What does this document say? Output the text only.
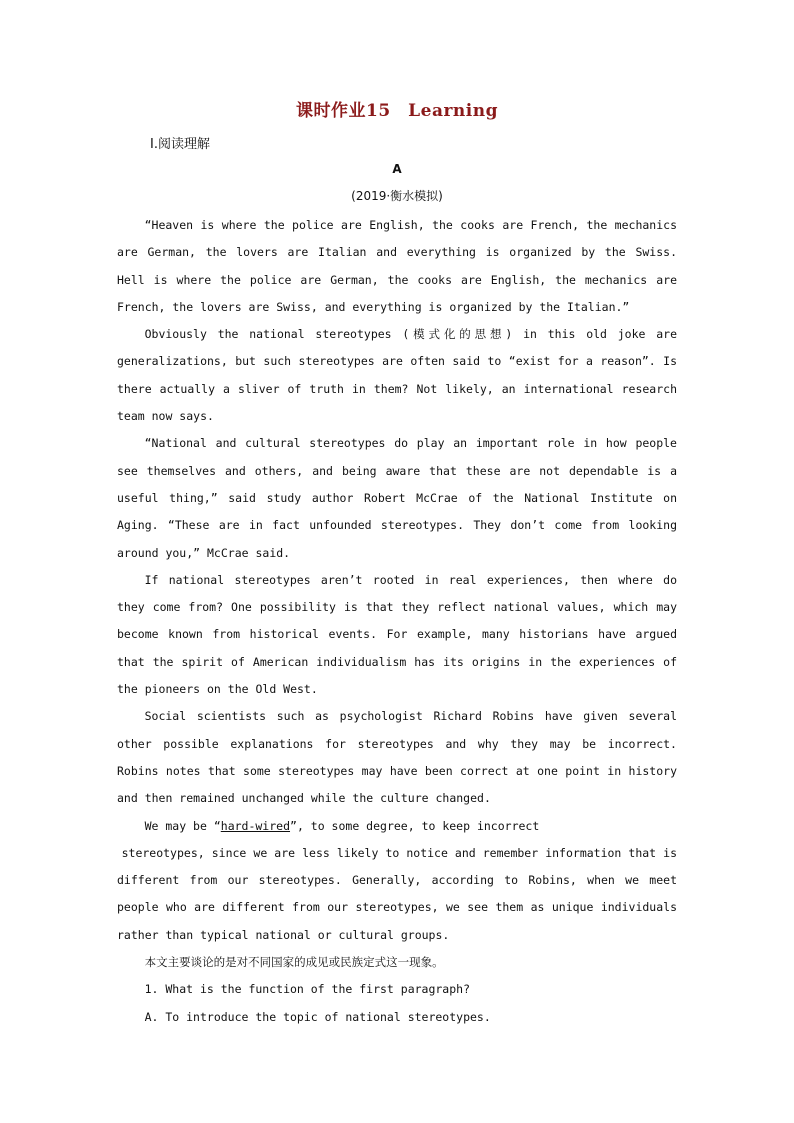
课时作业15　Learning
Ⅰ.阅读理解
A
(2019·衡水模拟)

“Heaven is where the police are English, the cooks are French, the mechanics are German, the lovers are Italian and everything is organized by the Swiss. Hell is where the police are German, the cooks are English, the mechanics are French, the lovers are Swiss, and everything is organized by the Italian.”

Obviously the national stereotypes (模式化的思想) in this old joke are generalizations, but such stereotypes are often said to “exist for a reason”. Is there actually a sliver of truth in them? Not likely, an international research team now says.

“National and cultural stereotypes do play an important role in how people see themselves and others, and being aware that these are not dependable is a useful thing,” said study author Robert McCrae of the National Institute on Aging. “These are in fact unfounded stereotypes. They don’t come from looking around you,” McCrae said.

If national stereotypes aren’t rooted in real experiences, then where do they come from? One possibility is that they reflect national values, which may become known from historical events. For example, many historians have argued that the spirit of American individualism has its origins in the experiences of the pioneers on the Old West.

Social scientists such as psychologist Richard Robins have given several other possible explanations for stereotypes and why they may be incorrect. Robins notes that some stereotypes may have been correct at one point in history and then remained unchanged while the culture changed.

We may be “hard-wired”, to some degree, to keep incorrect

stereotypes, since we are less likely to notice and remember information that is different from our stereotypes. Generally, according to Robins, when we meet people who are different from our stereotypes, we see them as unique individuals rather than typical national or cultural groups.

本文主要谈论的是对不同国家的成见或民族定式这一现象。

1. What is the function of the first paragraph?

A. To introduce the topic of national stereotypes.
